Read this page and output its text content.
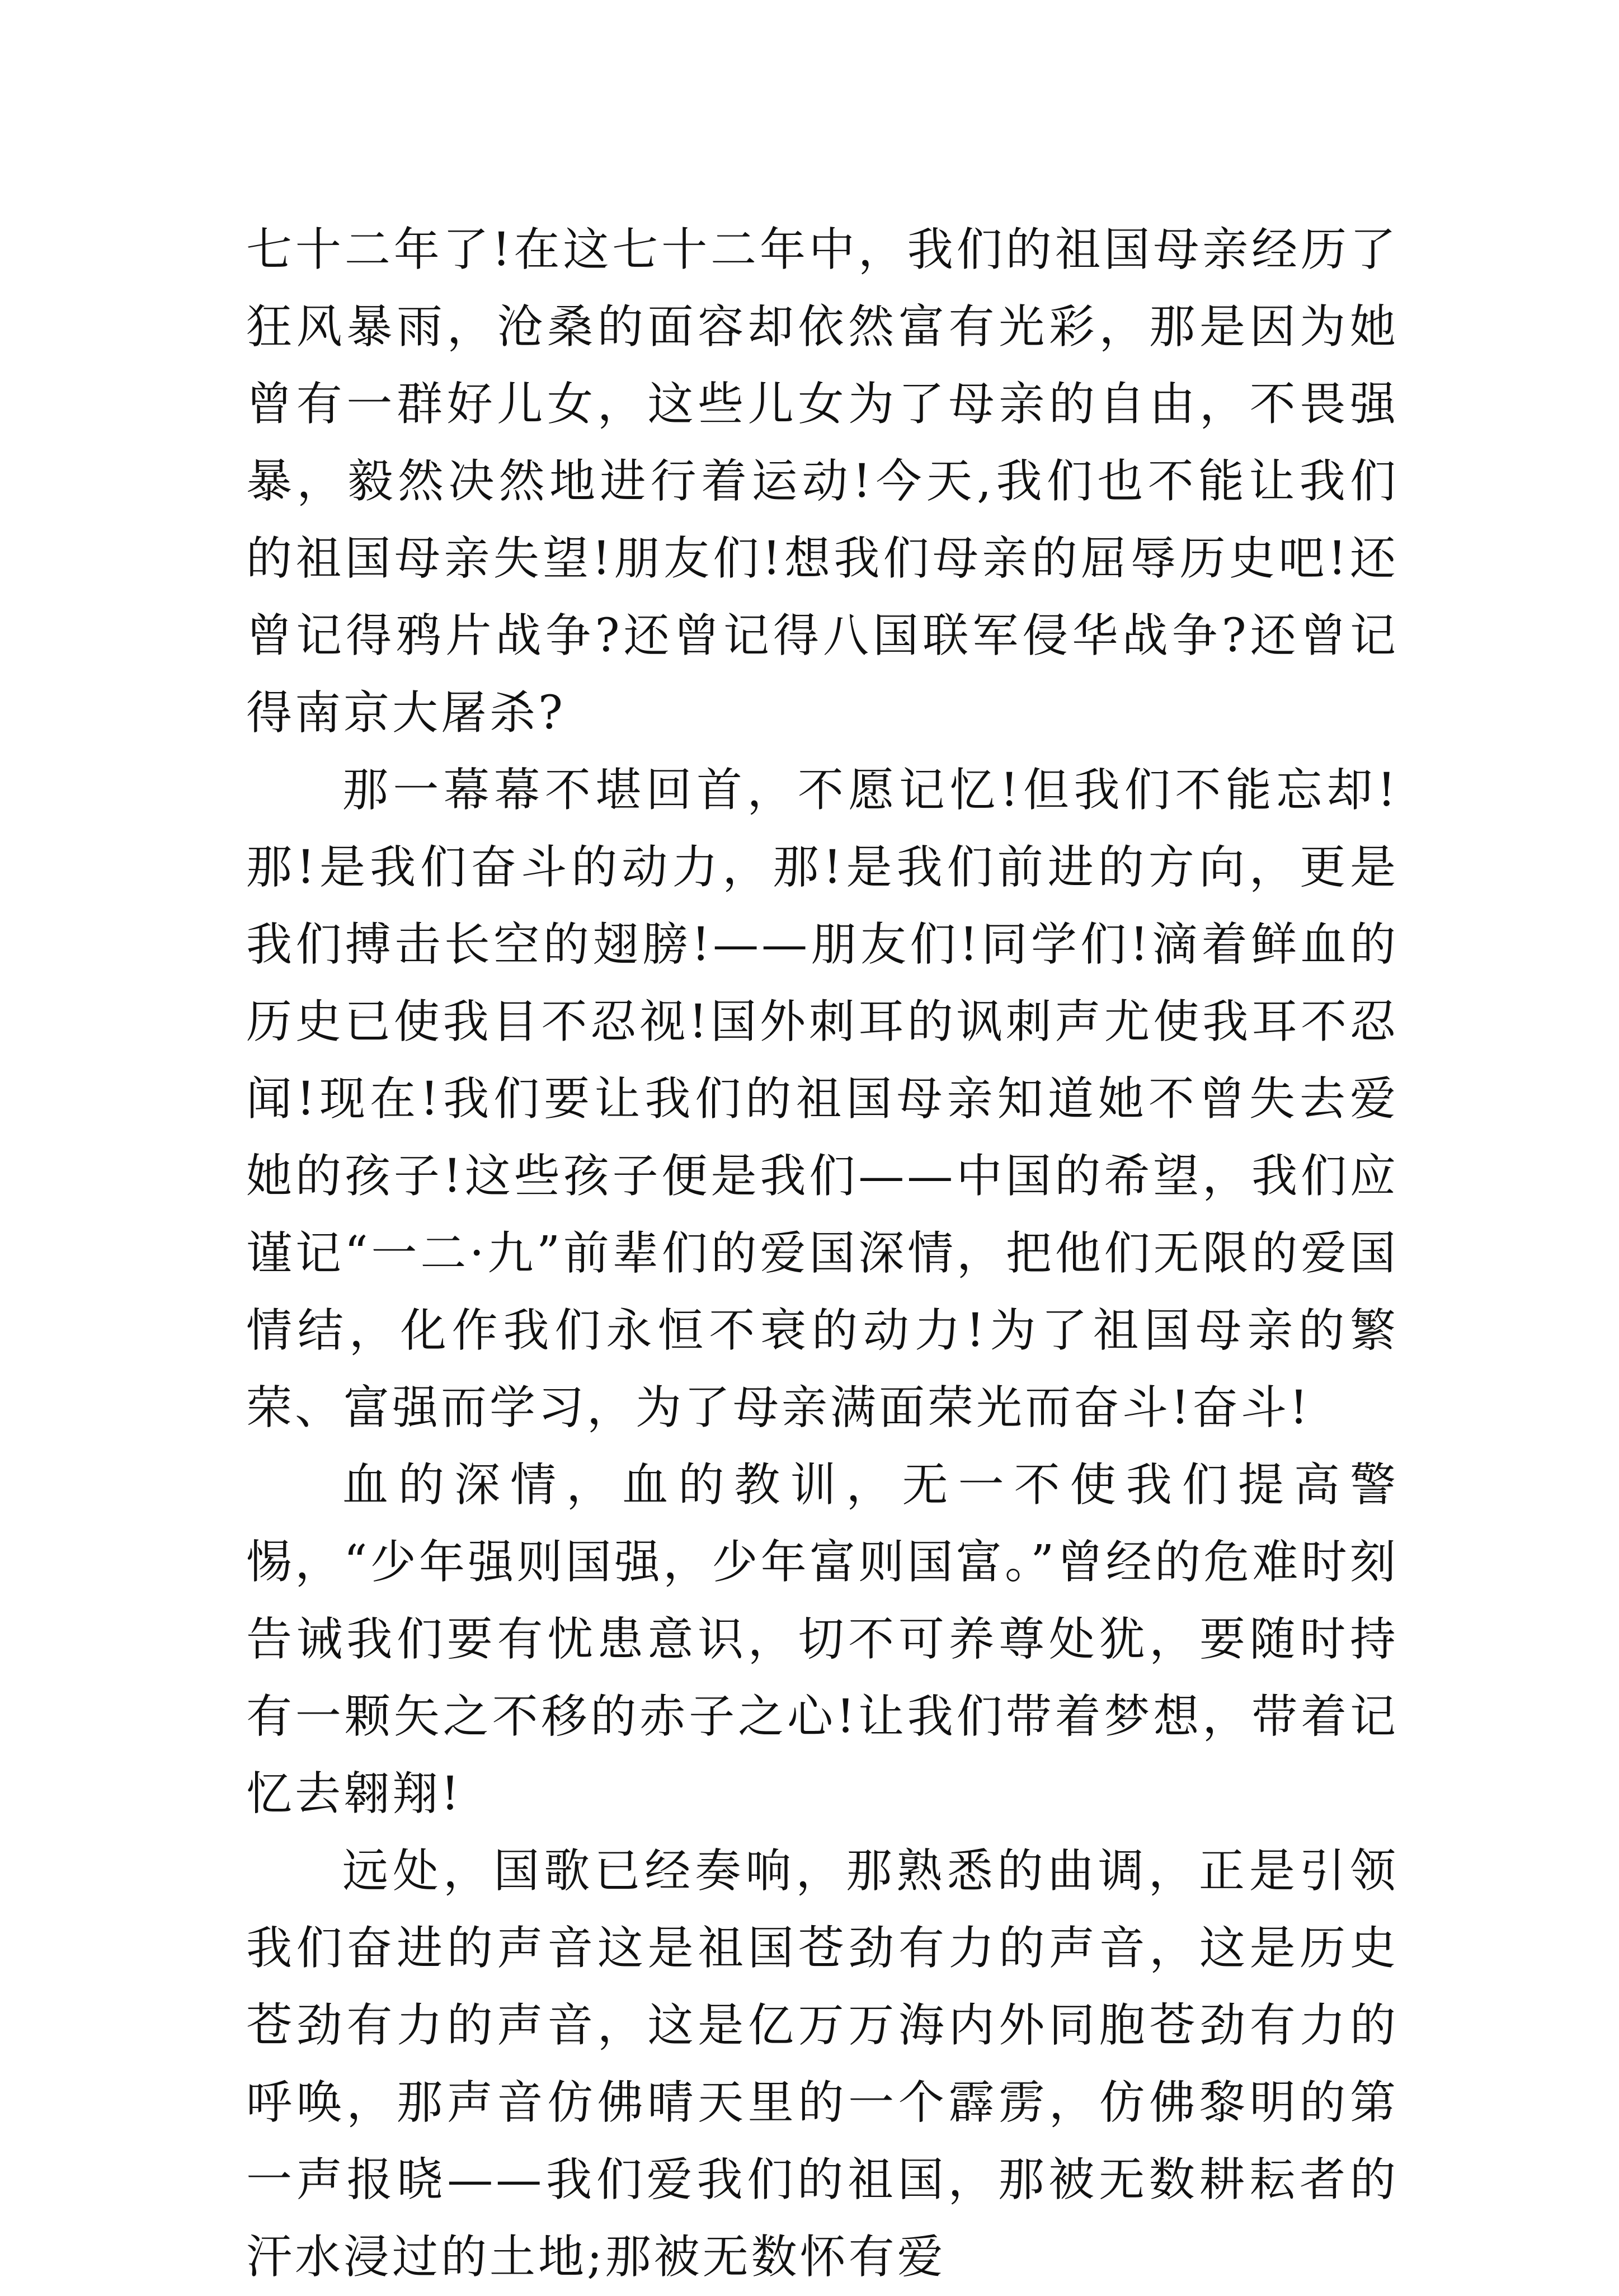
七十二年了!在这七十二年中，我们的祖国母亲经历了狂风暴雨，沧桑的面容却依然富有光彩，那是因为她曾有一群好儿女，这些儿女为了母亲的自由，不畏强暴，毅然决然地进行着运动!今天,我们也不能让我们的祖国母亲失望!朋友们!想我们母亲的屈辱历史吧!还曾记得鸦片战争?还曾记得八国联军侵华战争?还曾记得南京大屠杀?

那一幕幕不堪回首，不愿记忆!但我们不能忘却!那!是我们奋斗的动力，那!是我们前进的方向，更是我们搏击长空的翅膀!——朋友们!同学们!滴着鲜血的历史已使我目不忍视!国外刺耳的讽刺声尤使我耳不忍闻!现在!我们要让我们的祖国母亲知道她不曾失去爱她的孩子!这些孩子便是我们——中国的希望，我们应谨记“一二·九”前辈们的爱国深情，把他们无限的爱国情结，化作我们永恒不衰的动力!为了祖国母亲的繁荣、富强而学习，为了母亲满面荣光而奋斗!奋斗!

血的深情，血的教训，无一不使我们提高警惕，“少年强则国强，少年富则国富。”曾经的危难时刻告诫我们要有忧患意识，切不可养尊处犹，要随时持有一颗矢之不移的赤子之心!让我们带着梦想，带着记忆去翱翔!

远处，国歌已经奏响，那熟悉的曲调，正是引领我们奋进的声音这是祖国苍劲有力的声音，这是历史苍劲有力的声音，这是亿万万海内外同胞苍劲有力的呼唤，那声音仿佛晴天里的一个霹雳，仿佛黎明的第一声报晓——我们爱我们的祖国，那被无数耕耘者的汗水浸过的土地;那被无数怀有爱
